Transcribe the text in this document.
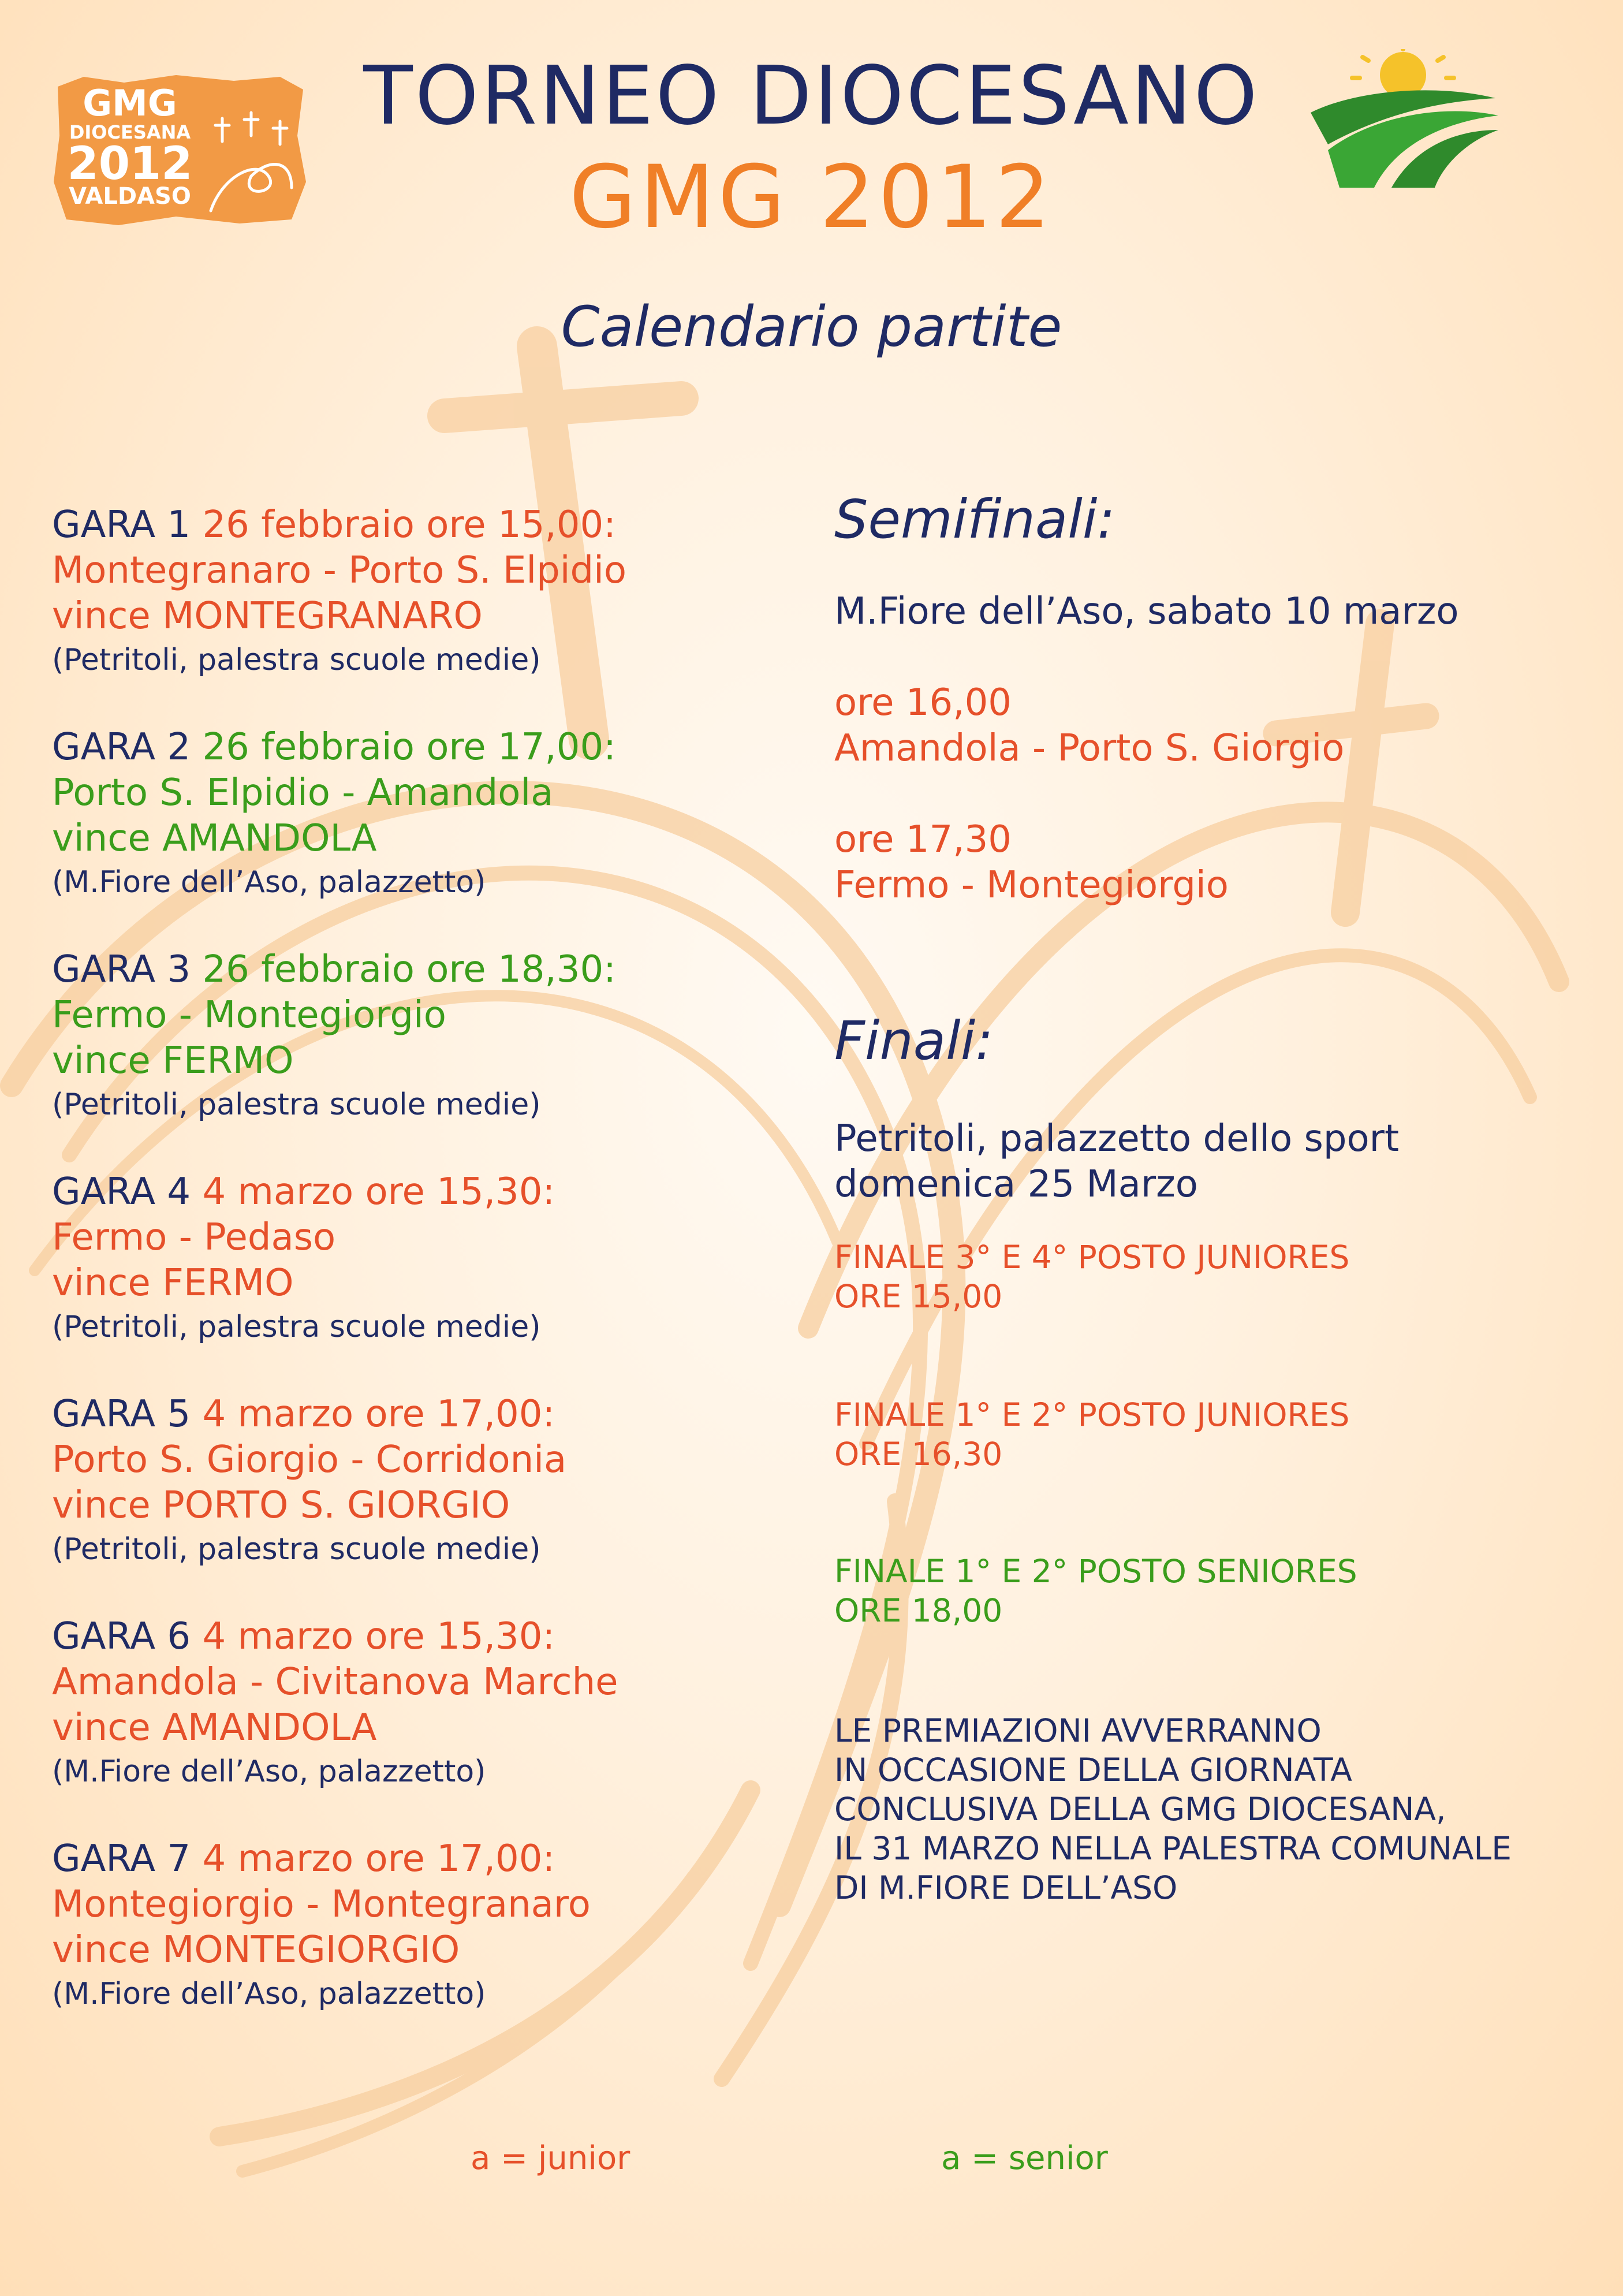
GMG
DIOCESANA
2012
VALDASO
TORNEO DIOCESANO
GMG 2012
Calendario partite
GARA 1 26 febbraio ore 15,00:
Montegranaro - Porto S. Elpidio
vince MONTEGRANARO
(Petritoli, palestra scuole medie)
GARA 2 26 febbraio ore 17,00:
Porto S. Elpidio - Amandola
vince AMANDOLA
(M.Fiore dell’Aso, palazzetto)
GARA 3 26 febbraio ore 18,30:
Fermo - Montegiorgio
vince FERMO
(Petritoli, palestra scuole medie)
GARA 4 4 marzo ore 15,30:
Fermo - Pedaso
vince FERMO
(Petritoli, palestra scuole medie)
GARA 5 4 marzo ore 17,00:
Porto S. Giorgio - Corridonia
vince PORTO S. GIORGIO
(Petritoli, palestra scuole medie)
GARA 6 4 marzo ore 15,30:
Amandola - Civitanova Marche
vince AMANDOLA
(M.Fiore dell’Aso, palazzetto)
GARA 7 4 marzo ore 17,00:
Montegiorgio - Montegranaro
vince MONTEGIORGIO
(M.Fiore dell’Aso, palazzetto)
Semifinali:
M.Fiore dell’Aso, sabato 10 marzo
ore 16,00
Amandola - Porto S. Giorgio
ore 17,30
Fermo - Montegiorgio
Finali:
Petritoli, palazzetto dello sport
domenica 25 Marzo
FINALE 3° E 4° POSTO JUNIORES
ORE 15,00
FINALE 1° E 2° POSTO JUNIORES
ORE 16,30
FINALE 1° E 2° POSTO SENIORES
ORE 18,00
LE PREMIAZIONI AVVERRANNO
IN OCCASIONE DELLA GIORNATA
CONCLUSIVA DELLA GMG DIOCESANA,
IL 31 MARZO NELLA PALESTRA COMUNALE
DI M.FIORE DELL’ASO
a = junior	a = senior
